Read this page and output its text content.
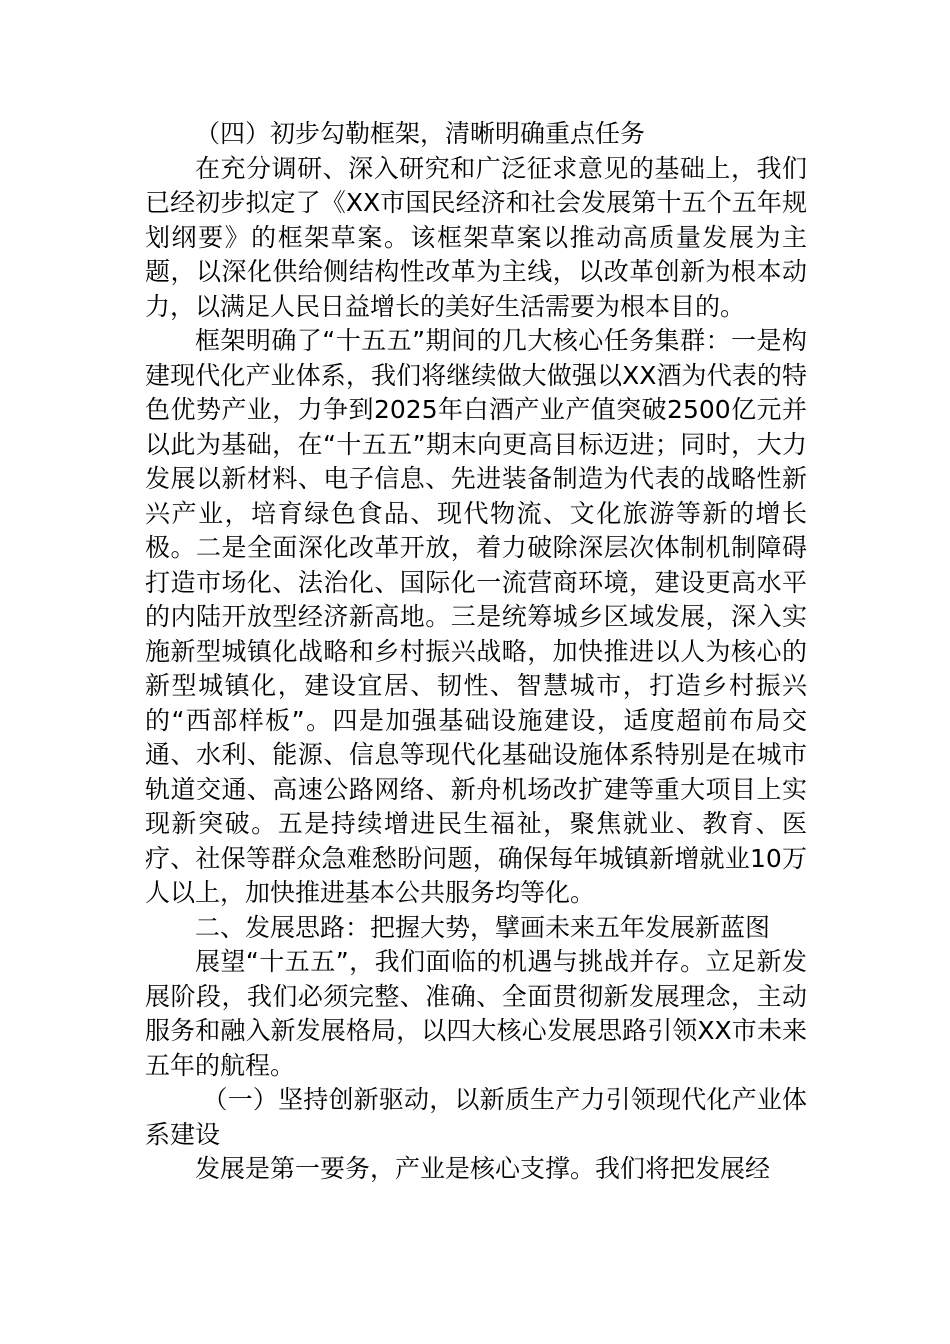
（四）初步勾勒框架，清晰明确重点任务

在充分调研、深入研究和广泛征求意见的基础上，我们已经初步拟定了《XX市国民经济和社会发展第十五个五年规划纲要》的框架草案。该框架草案以推动高质量发展为主题，以深化供给侧结构性改革为主线，以改革创新为根本动力，以满足人民日益增长的美好生活需要为根本目的。

框架明确了“十五五”期间的几大核心任务集群：一是构建现代化产业体系，我们将继续做大做强以XX酒为代表的特色优势产业，力争到2025年白酒产业产值突破2500亿元并以此为基础，在“十五五”期末向更高目标迈进；同时，大力发展以新材料、电子信息、先进装备制造为代表的战略性新兴产业，培育绿色食品、现代物流、文化旅游等新的增长极。二是全面深化改革开放，着力破除深层次体制机制障碍打造市场化、法治化、国际化一流营商环境，建设更高水平的内陆开放型经济新高地。三是统筹城乡区域发展，深入实施新型城镇化战略和乡村振兴战略，加快推进以人为核心的新型城镇化，建设宜居、韧性、智慧城市，打造乡村振兴的“西部样板”。四是加强基础设施建设，适度超前布局交通、水利、能源、信息等现代化基础设施体系特别是在城市轨道交通、高速公路网络、新舟机场改扩建等重大项目上实现新突破。五是持续增进民生福祉，聚焦就业、教育、医疗、社保等群众急难愁盼问题，确保每年城镇新增就业10万人以上，加快推进基本公共服务均等化。

二、发展思路：把握大势，擘画未来五年发展新蓝图

展望“十五五”，我们面临的机遇与挑战并存。立足新发展阶段，我们必须完整、准确、全面贯彻新发展理念，主动服务和融入新发展格局，以四大核心发展思路引领XX市未来五年的航程。

（一）坚持创新驱动，以新质生产力引领现代化产业体系建设

发展是第一要务，产业是核心支撑。我们将把发展经
